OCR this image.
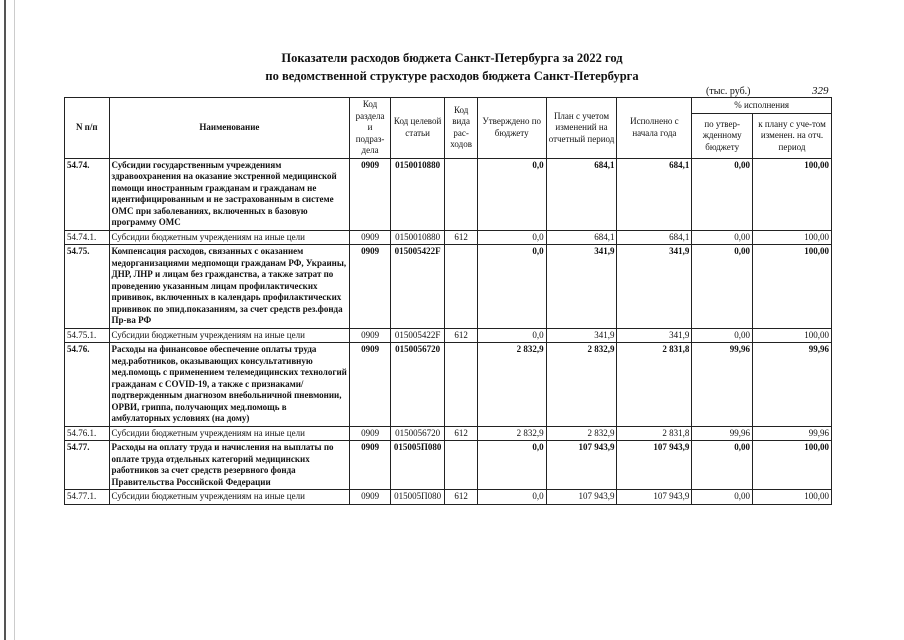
Показатели расходов бюджета Санкт-Петербурга за 2022 год
по ведомственной структуре расходов бюджета Санкт-Петербурга
(тыс. руб.)	329
N п/п	Наименование	Код раздела и подраз-дела	Код целевой статьи	Код вида рас-ходов	Утверждено по бюджету	План с учетом изменений на отчетный период	Исполнено с начала года	% исполнения	
								по утвер-жденному бюджету	к плану с уче-том изменен. на отч. период
54.74.	Субсидии государственным учреждениям здравоохранения на оказание экстренной медицинской помощи иностранным гражданам и гражданам не идентифицированным и не застрахованным в системе ОМС при заболеваниях, включенных в базовую программу ОМС	0909	0150010880		0,0	684,1	684,1	0,00	100,00
54.74.1.	Субсидии бюджетным учреждениям на иные цели	0909	0150010880	612	0,0	684,1	684,1	0,00	100,00
54.75.	Компенсация расходов, связанных с оказанием медорганизациями медпомощи гражданам РФ, Украины, ДНР, ЛНР и лицам без гражданства, а также затрат по проведению указанным лицам профилактических прививок, включенных в календарь профилактических прививок по эпид.показаниям, за счет средств рез.фонда Пр-ва РФ	0909	015005422F		0,0	341,9	341,9	0,00	100,00
54.75.1.	Субсидии бюджетным учреждениям на иные цели	0909	015005422F	612	0,0	341,9	341,9	0,00	100,00
54.76.	Расходы на финансовое обеспечение оплаты труда мед.работников, оказывающих консультативную мед.помощь с применением телемедицинских технологий гражданам с COVID-19, а также с признаками/подтвержденным диагнозом внебольничной пневмонии, ОРВИ, гриппа, получающих мед.помощь в амбулаторных условиях (на дому)	0909	0150056720		2 832,9	2 832,9	2 831,8	99,96	99,96
54.76.1.	Субсидии бюджетным учреждениям на иные цели	0909	0150056720	612	2 832,9	2 832,9	2 831,8	99,96	99,96
54.77.	Расходы на оплату труда и начисления на выплаты по оплате труда отдельных категорий медицинских работников за счет средств резервного фонда Правительства Российской Федерации	0909	015005П080		0,0	107 943,9	107 943,9	0,00	100,00
54.77.1.	Субсидии бюджетным учреждениям на иные цели	0909	015005П080	612	0,0	107 943,9	107 943,9	0,00	100,00
